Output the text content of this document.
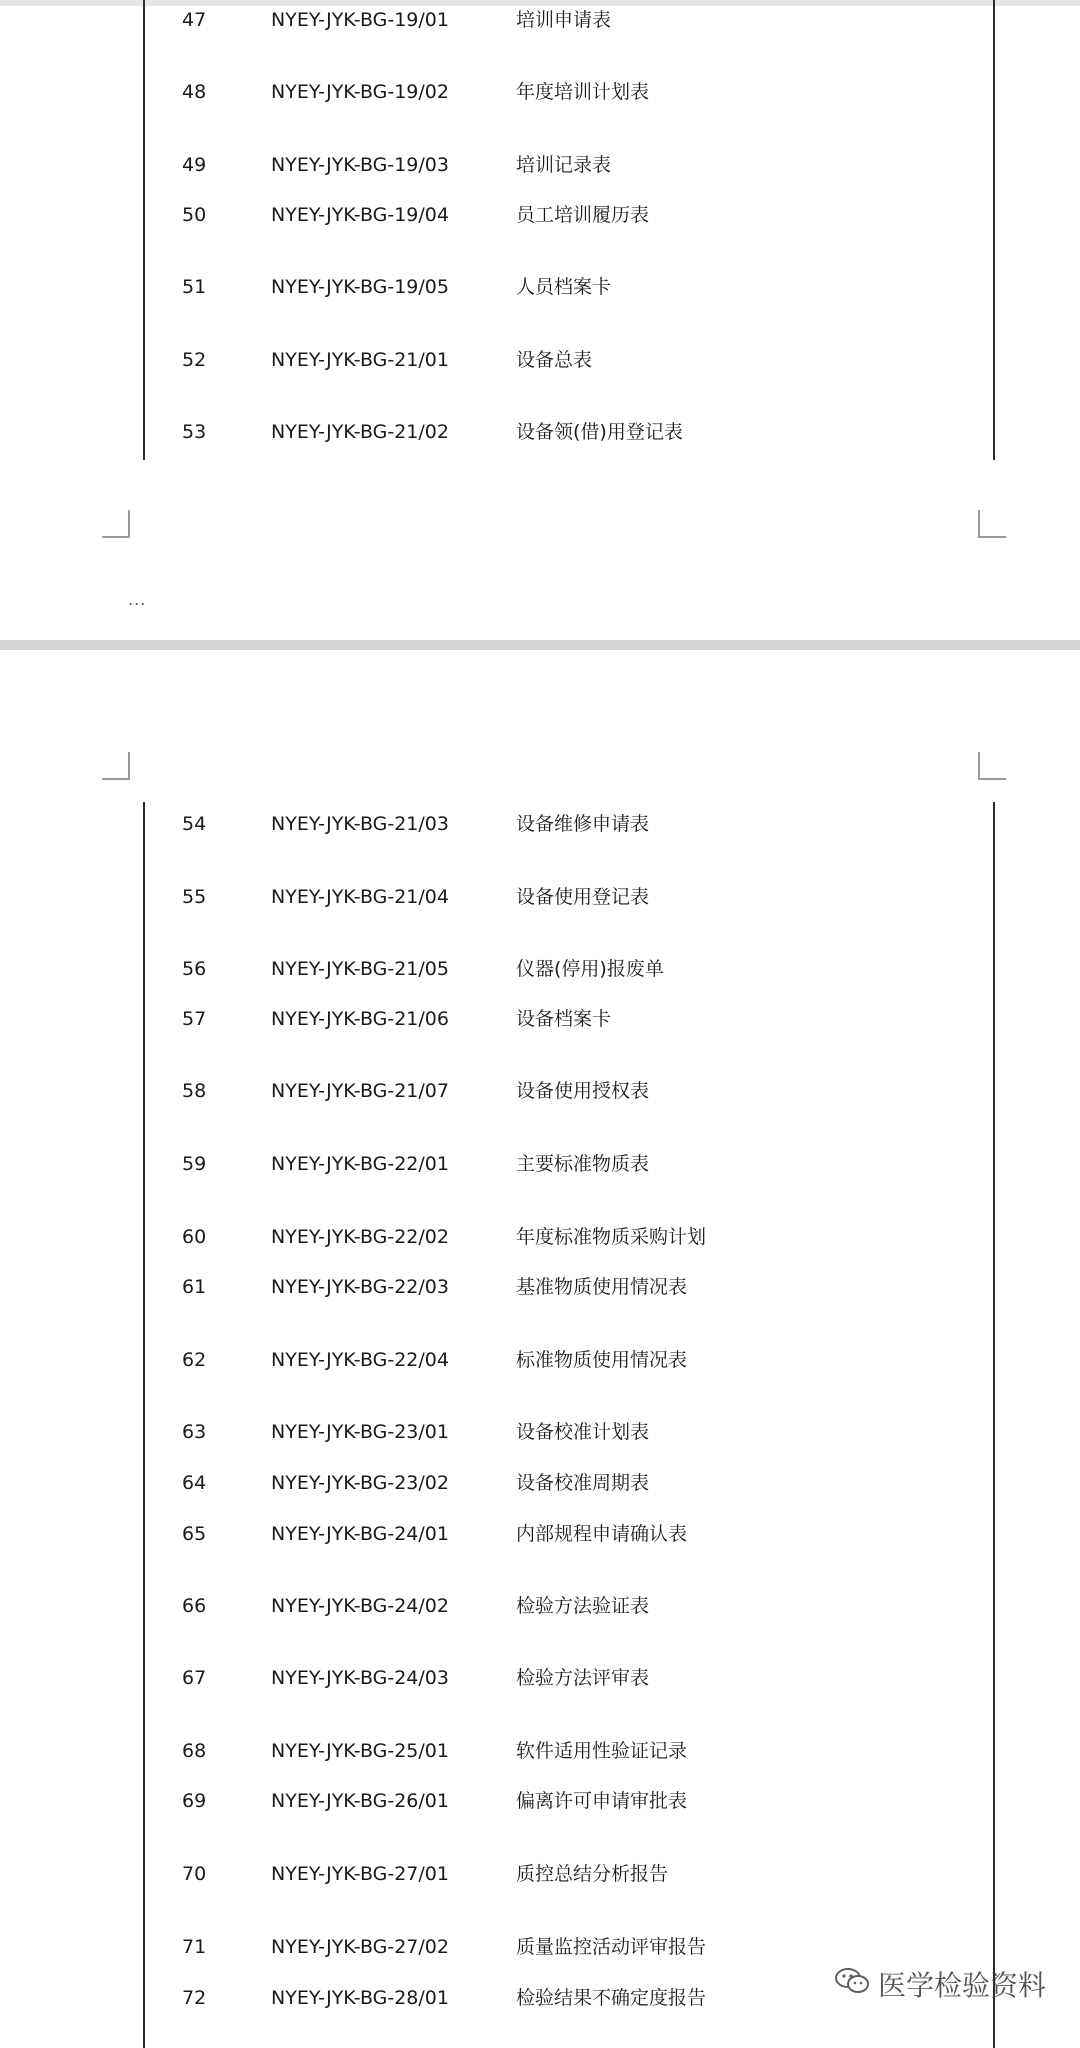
...
47	NYEY-JYK-BG-19/01	培训申请表
48	NYEY-JYK-BG-19/02	年度培训计划表
49	NYEY-JYK-BG-19/03	培训记录表
50	NYEY-JYK-BG-19/04	员工培训履历表
51	NYEY-JYK-BG-19/05	人员档案卡
52	NYEY-JYK-BG-21/01	设备总表
53	NYEY-JYK-BG-21/02	设备领(借)用登记表
54	NYEY-JYK-BG-21/03	设备维修申请表
55	NYEY-JYK-BG-21/04	设备使用登记表
56	NYEY-JYK-BG-21/05	仪器(停用)报废单
57	NYEY-JYK-BG-21/06	设备档案卡
58	NYEY-JYK-BG-21/07	设备使用授权表
59	NYEY-JYK-BG-22/01	主要标准物质表
60	NYEY-JYK-BG-22/02	年度标准物质采购计划
61	NYEY-JYK-BG-22/03	基准物质使用情况表
62	NYEY-JYK-BG-22/04	标准物质使用情况表
63	NYEY-JYK-BG-23/01	设备校准计划表
64	NYEY-JYK-BG-23/02	设备校准周期表
65	NYEY-JYK-BG-24/01	内部规程申请确认表
66	NYEY-JYK-BG-24/02	检验方法验证表
67	NYEY-JYK-BG-24/03	检验方法评审表
68	NYEY-JYK-BG-25/01	软件适用性验证记录
69	NYEY-JYK-BG-26/01	偏离许可申请审批表
70	NYEY-JYK-BG-27/01	质控总结分析报告
71	NYEY-JYK-BG-27/02	质量监控活动评审报告
72	NYEY-JYK-BG-28/01	检验结果不确定度报告	医学检验资料
